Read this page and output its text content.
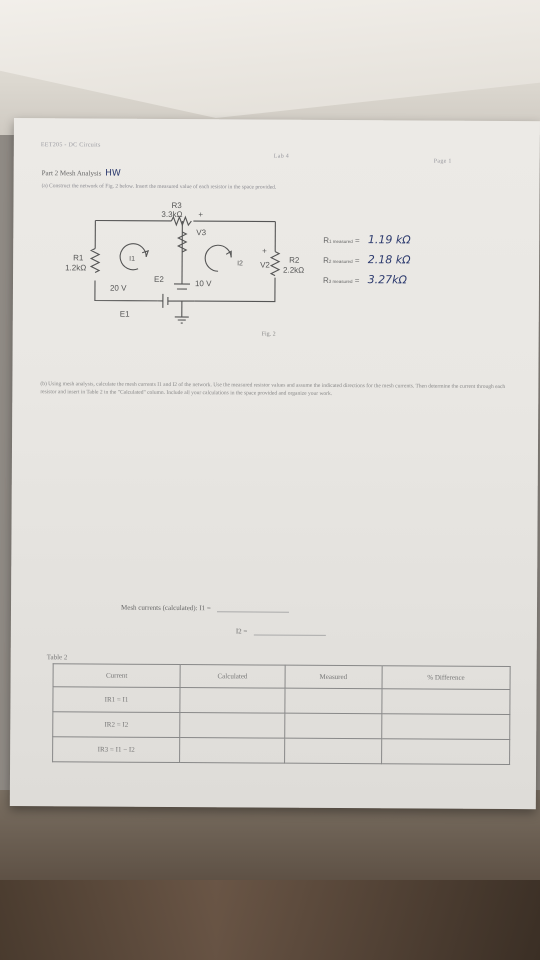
EET205 - DC Circuits
Lab 4
Page 1
Part 2 Mesh Analysis HW
(a) Construct the network of Fig. 2 below. Insert the measured value of each resistor in the space provided.
R3
3.3kΩ
V3
+
R1
1.2kΩ
R2
2.2kΩ
V2
+
I1
I2
20 V
E1
E2	10 V
Fig. 2
R1 measured = 1.19 kΩ
R2 measured = 2.18 kΩ
R3 measured = 3.27kΩ
(b) Using mesh analysis, calculate the mesh currents I1 and I2 of the network. Use the measured resistor values and assume the indicated directions for the mesh currents. Then determine the current through each resistor and insert in Table 2 in the "Calculated" column. Include all your calculations in the space provided and organize your work.
Mesh currents (calculated): I1 =
I2 =
Table 2
Current	Calculated	Measured	% Difference
IR1 = I1			
IR2 = I2			
IR3 = I1 − I2			
